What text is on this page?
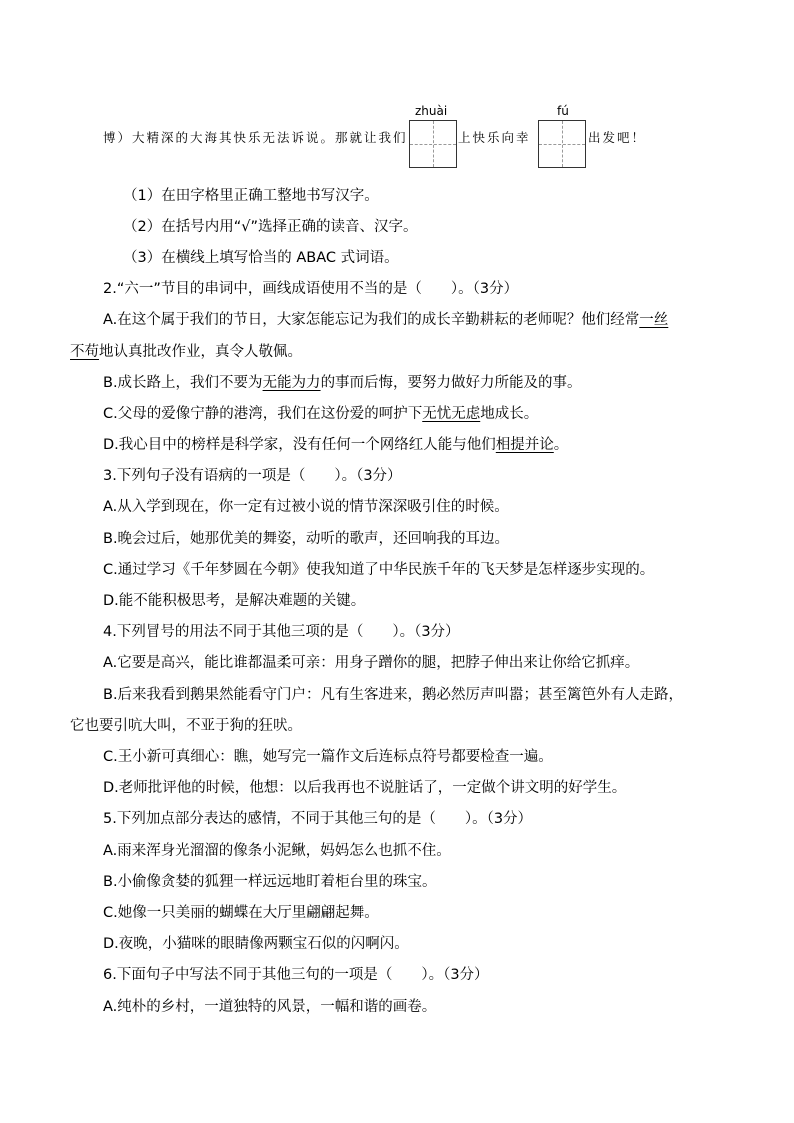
博）大精深的大海其快乐无法诉说。那就让我们	上快乐向幸	出发吧！
zhuài	fú
（1）在田字格里正确工整地书写汉字。
（2）在括号内用“√”选择正确的读音、汉字。
（3）在横线上填写恰当的 ABAC 式词语。
2.“六一”节目的串词中，画线成语使用不当的是（　　）。（3分）
A.在这个属于我们的节日，大家怎能忘记为我们的成长辛勤耕耘的老师呢？他们经常一丝
不苟地认真批改作业，真令人敬佩。
B.成长路上，我们不要为无能为力的事而后悔，要努力做好力所能及的事。
C.父母的爱像宁静的港湾，我们在这份爱的呵护下无忧无虑地成长。
D.我心目中的榜样是科学家，没有任何一个网络红人能与他们相提并论。
3.下列句子没有语病的一项是（　　）。（3分）
A.从入学到现在，你一定有过被小说的情节深深吸引住的时候。
B.晚会过后，她那优美的舞姿，动听的歌声，还回响我的耳边。
C.通过学习《千年梦圆在今朝》使我知道了中华民族千年的飞天梦是怎样逐步实现的。
D.能不能积极思考，是解决难题的关键。
4.下列冒号的用法不同于其他三项的是（　　）。（3分）
A.它要是高兴，能比谁都温柔可亲：用身子蹭你的腿，把脖子伸出来让你给它抓痒。
B.后来我看到鹅果然能看守门户：凡有生客进来，鹅必然厉声叫嚣；甚至篱笆外有人走路，
它也要引吭大叫，不亚于狗的狂吠。
C.王小新可真细心：瞧，她写完一篇作文后连标点符号都要检查一遍。
D.老师批评他的时候，他想：以后我再也不说脏话了，一定做个讲文明的好学生。
5.下列加点部分表达的感情，不同于其他三句的是（　　）。（3分）
A.雨来浑身光溜溜的像条小泥鳅，妈妈怎么也抓不住。
B.小偷像贪婪的狐狸一样远远地盯着柜台里的珠宝。
C.她像一只美丽的蝴蝶在大厅里翩翩起舞。
D.夜晚，小猫咪的眼睛像两颗宝石似的闪啊闪。
6.下面句子中写法不同于其他三句的一项是（　　）。（3分）
A.纯朴的乡村，一道独特的风景，一幅和谐的画卷。
